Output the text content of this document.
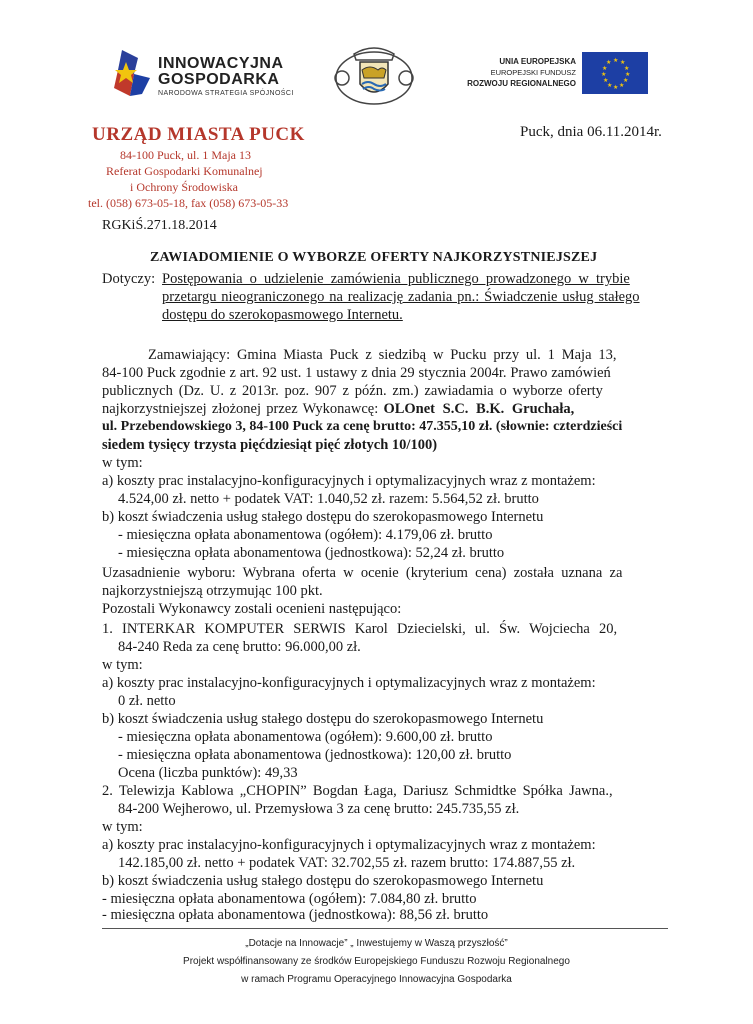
INNOWACYJNA
GOSPODARKA
NARODOWA STRATEGIA SPÓJNOŚCI
UNIA EUROPEJSKA
EUROPEJSKI FUNDUSZ
ROZWOJU REGIONALNEGO
★ ★
★
★
★
★
★
★
★
★
★
★
URZĄD MIASTA PUCK
84-100 Puck, ul. 1 Maja 13
Referat Gospodarki Komunalnej
i Ochrony Środowiska
tel. (058) 673-05-18, fax (058) 673-05-33
Puck, dnia 06.11.2014r.
RGKiŚ.271.18.2014
ZAWIADOMIENIE O WYBORZE OFERTY NAJKORZYSTNIEJSZEJ
Dotyczy: Postępowania o udzielenie zamówienia publicznego prowadzonego w trybie
przetargu nieograniczonego na realizację zadania pn.: Świadczenie usług stałego
dostępu do szerokopasmowego Internetu.
Zamawiający: Gmina Miasta Puck z siedzibą w Pucku przy ul. 1 Maja 13,
84-100 Puck zgodnie z art. 92 ust. 1 ustawy z dnia 29 stycznia 2004r. Prawo zamówień
publicznych (Dz. U. z 2013r. poz. 907 z późn. zm.) zawiadamia o wyborze oferty
najkorzystniejszej złożonej przez Wykonawcę: OLOnet S.C. B.K. Gruchała,
ul. Przebendowskiego 3, 84-100 Puck za cenę brutto: 47.355,10 zł. (słownie: czterdzieści
siedem tysięcy trzysta pięćdziesiąt pięć złotych 10/100)
w tym:
a) koszty prac instalacyjno-konfiguracyjnych i optymalizacyjnych wraz z montażem:
4.524,00 zł. netto + podatek VAT: 1.040,52 zł. razem: 5.564,52 zł. brutto
b) koszt świadczenia usług stałego dostępu do szerokopasmowego Internetu
- miesięczna opłata abonamentowa (ogółem): 4.179,06 zł. brutto
- miesięczna opłata abonamentowa (jednostkowa): 52,24 zł. brutto
Uzasadnienie wyboru: Wybrana oferta w ocenie (kryterium cena) została uznana za
najkorzystniejszą otrzymując 100 pkt.
Pozostali Wykonawcy zostali ocenieni następująco:
1. INTERKAR KOMPUTER SERWIS Karol Dziecielski, ul. Św. Wojciecha 20,
84-240 Reda za cenę brutto: 96.000,00 zł.
w tym:
a) koszty prac instalacyjno-konfiguracyjnych i optymalizacyjnych wraz z montażem:
0 zł. netto
b) koszt świadczenia usług stałego dostępu do szerokopasmowego Internetu
- miesięczna opłata abonamentowa (ogółem): 9.600,00 zł. brutto
- miesięczna opłata abonamentowa (jednostkowa): 120,00 zł. brutto
Ocena (liczba punktów): 49,33
2. Telewizja Kablowa „CHOPIN” Bogdan Łaga, Dariusz Schmidtke Spółka Jawna.,
84-200 Wejherowo, ul. Przemysłowa 3 za cenę brutto: 245.735,55 zł.
w tym:
a) koszty prac instalacyjno-konfiguracyjnych i optymalizacyjnych wraz z montażem:
142.185,00 zł. netto + podatek VAT: 32.702,55 zł. razem brutto: 174.887,55 zł.
b) koszt świadczenia usług stałego dostępu do szerokopasmowego Internetu
- miesięczna opłata abonamentowa (ogółem): 7.084,80 zł. brutto
- miesięczna opłata abonamentowa (jednostkowa): 88,56 zł. brutto
„Dotacje na Innowacje” „ Inwestujemy w Waszą przyszłość”
Projekt współfinansowany ze środków Europejskiego Funduszu Rozwoju Regionalnego
w ramach Programu Operacyjnego Innowacyjna Gospodarka
